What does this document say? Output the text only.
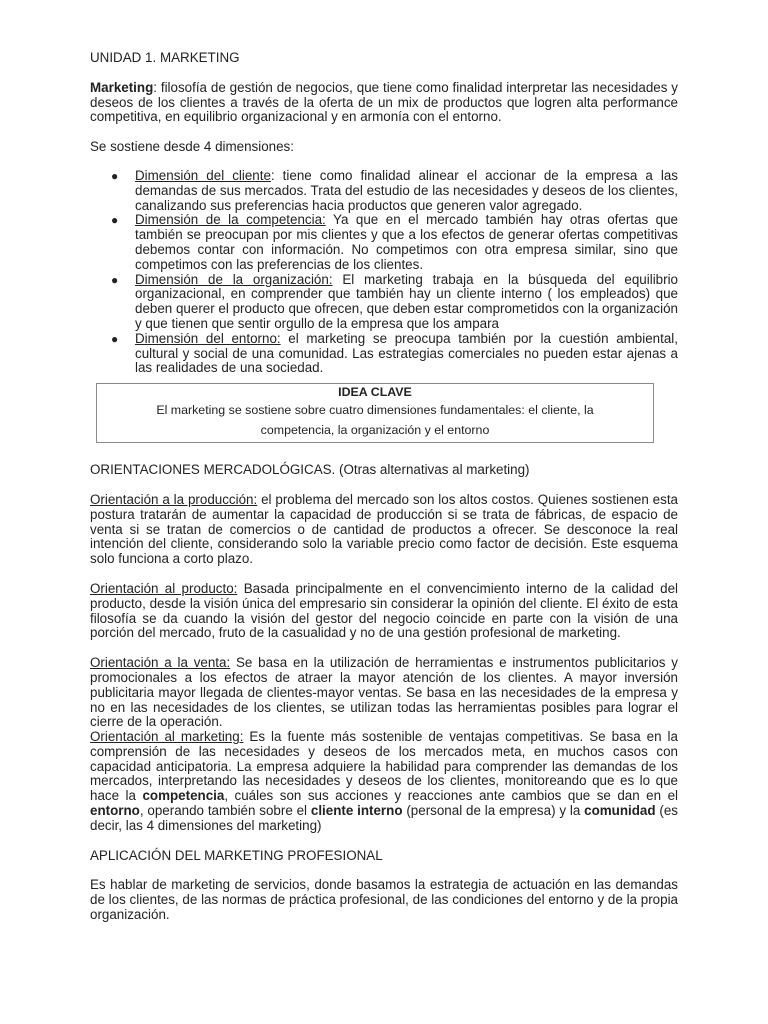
UNIDAD 1. MARKETING

Marketing: filosofía de gestión de negocios, que tiene como finalidad interpretar las necesidades y deseos de los clientes a través de la oferta de un mix de productos que logren alta performance competitiva, en equilibrio organizacional y en armonía con el entorno.

Se sostiene desde 4 dimensiones:

● Dimensión del cliente: tiene como finalidad alinear el accionar de la empresa a las demandas de sus mercados. Trata del estudio de las necesidades y deseos de los clientes, canalizando sus preferencias hacia productos que generen valor agregado.
● Dimensión de la competencia: Ya que en el mercado también hay otras ofertas que también se preocupan por mis clientes y que a los efectos de generar ofertas competitivas debemos contar con información. No competimos con otra empresa similar, sino que competimos con las preferencias de los clientes.
● Dimensión de la organización: El marketing trabaja en la búsqueda del equilibrio organizacional, en comprender que también hay un cliente interno ( los empleados) que deben querer el producto que ofrecen, que deben estar comprometidos con la organización y que tienen que sentir orgullo de la empresa que los ampara
● Dimensión del entorno: el marketing se preocupa también por la cuestión ambiental, cultural y social de una comunidad. Las estrategias comerciales no pueden estar ajenas a las realidades de una sociedad.
IDEA CLAVE
El marketing se sostiene sobre cuatro dimensiones fundamentales: el cliente, la
competencia, la organización y el entorno

ORIENTACIONES MERCADOLÓGICAS. (Otras alternativas al marketing)

Orientación a la producción: el problema del mercado son los altos costos. Quienes sostienen esta postura tratarán de aumentar la capacidad de producción si se trata de fábricas, de espacio de venta si se tratan de comercios o de cantidad de productos a ofrecer. Se desconoce la real intención del cliente, considerando solo la variable precio como factor de decisión. Este esquema solo funciona a corto plazo.

Orientación al producto: Basada principalmente en el convencimiento interno de la calidad del producto, desde la visión única del empresario sin considerar la opinión del cliente. El éxito de esta filosofía se da cuando la visión del gestor del negocio coincide en parte con la visión de una porción del mercado, fruto de la casualidad y no de una gestión profesional de marketing.

Orientación a la venta: Se basa en la utilización de herramientas e instrumentos publicitarios y promocionales a los efectos de atraer la mayor atención de los clientes. A mayor inversión publicitaria mayor llegada de clientes-mayor ventas. Se basa en las necesidades de la empresa y no en las necesidades de los clientes, se utilizan todas las herramientas posibles para lograr el cierre de la operación.

Orientación al marketing: Es la fuente más sostenible de ventajas competitivas. Se basa en la comprensión de las necesidades y deseos de los mercados meta, en muchos casos con capacidad anticipatoria. La empresa adquiere la habilidad para comprender las demandas de los mercados, interpretando las necesidades y deseos de los clientes, monitoreando que es lo que hace la competencia, cuáles son sus acciones y reacciones ante cambios que se dan en el entorno, operando también sobre el cliente interno (personal de la empresa) y la comunidad (es decir, las 4 dimensiones del marketing)

APLICACIÓN DEL MARKETING PROFESIONAL

Es hablar de marketing de servicios, donde basamos la estrategia de actuación en las demandas de los clientes, de las normas de práctica profesional, de las condiciones del entorno y de la propia organización.
